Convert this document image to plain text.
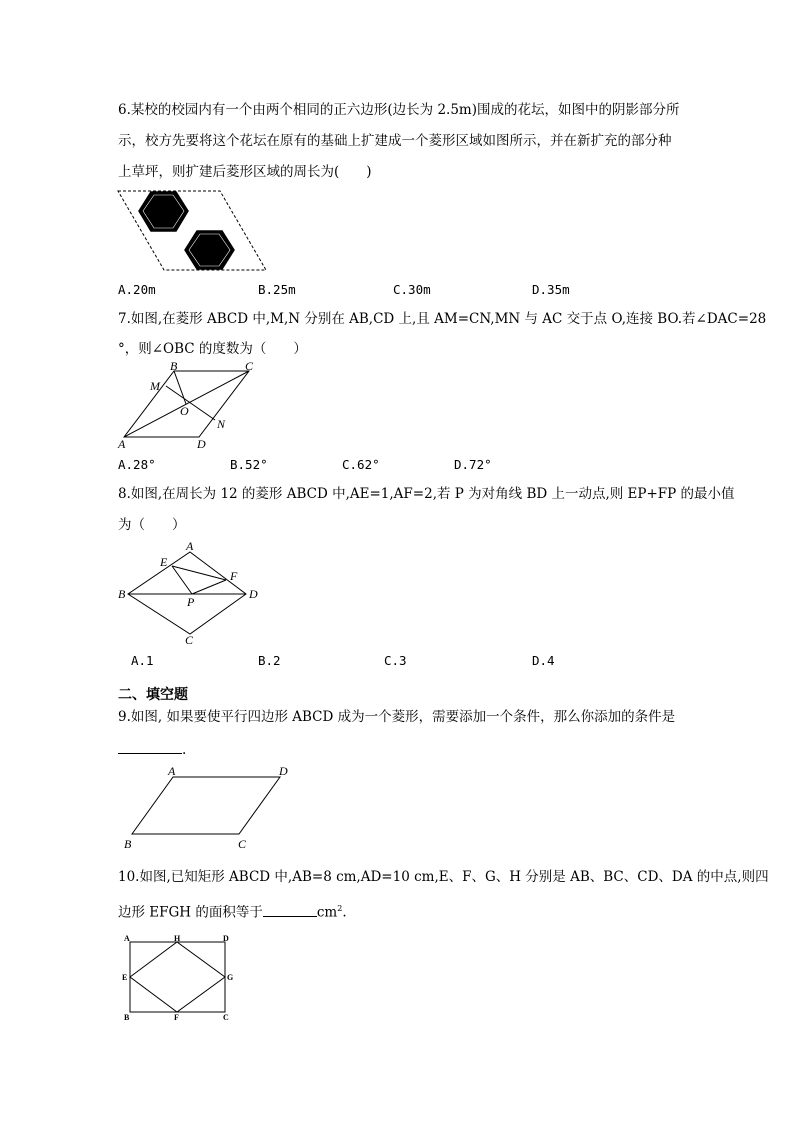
6.某校的校园内有一个由两个相同的正六边形(边长为 2.5m)围成的花坛，如图中的阴影部分所
示，校方先要将这个花坛在原有的基础上扩建成一个菱形区域如图所示，并在新扩充的部分种
上草坪，则扩建后菱形区域的周长为(　　)
A.20m	B.25m	C.30m	D.35m
7.如图,在菱形 ABCD 中,M,N 分别在 AB,CD 上,且 AM=CN,MN 与 AC 交于点 O,连接 BO.若∠DAC=28
°，则∠OBC 的度数为（　　）
B	C
M
O
N
A	D
A.28°	B.52°	C.62°	D.72°
8.如图,在周长为 12 的菱形 ABCD 中,AE=1,AF=2,若 P 为对角线 BD 上一动点,则 EP+FP 的最小值
为（　　）
A
E
F
B	D
P
C
A.1	B.2	C.3	D.4
二、填空题
9.如图, 如果要使平行四边形 ABCD 成为一个菱形，需要添加一个条件，那么你添加的条件是
.
A	D
B	C
10.如图,已知矩形 ABCD 中,AB=8 cm,AD=10 cm,E、F、G、H 分别是 AB、BC、CD、DA 的中点,则四
边形 EFGH 的面积等于	$cm^2$.
A	H	D
E	G
B	F	C
